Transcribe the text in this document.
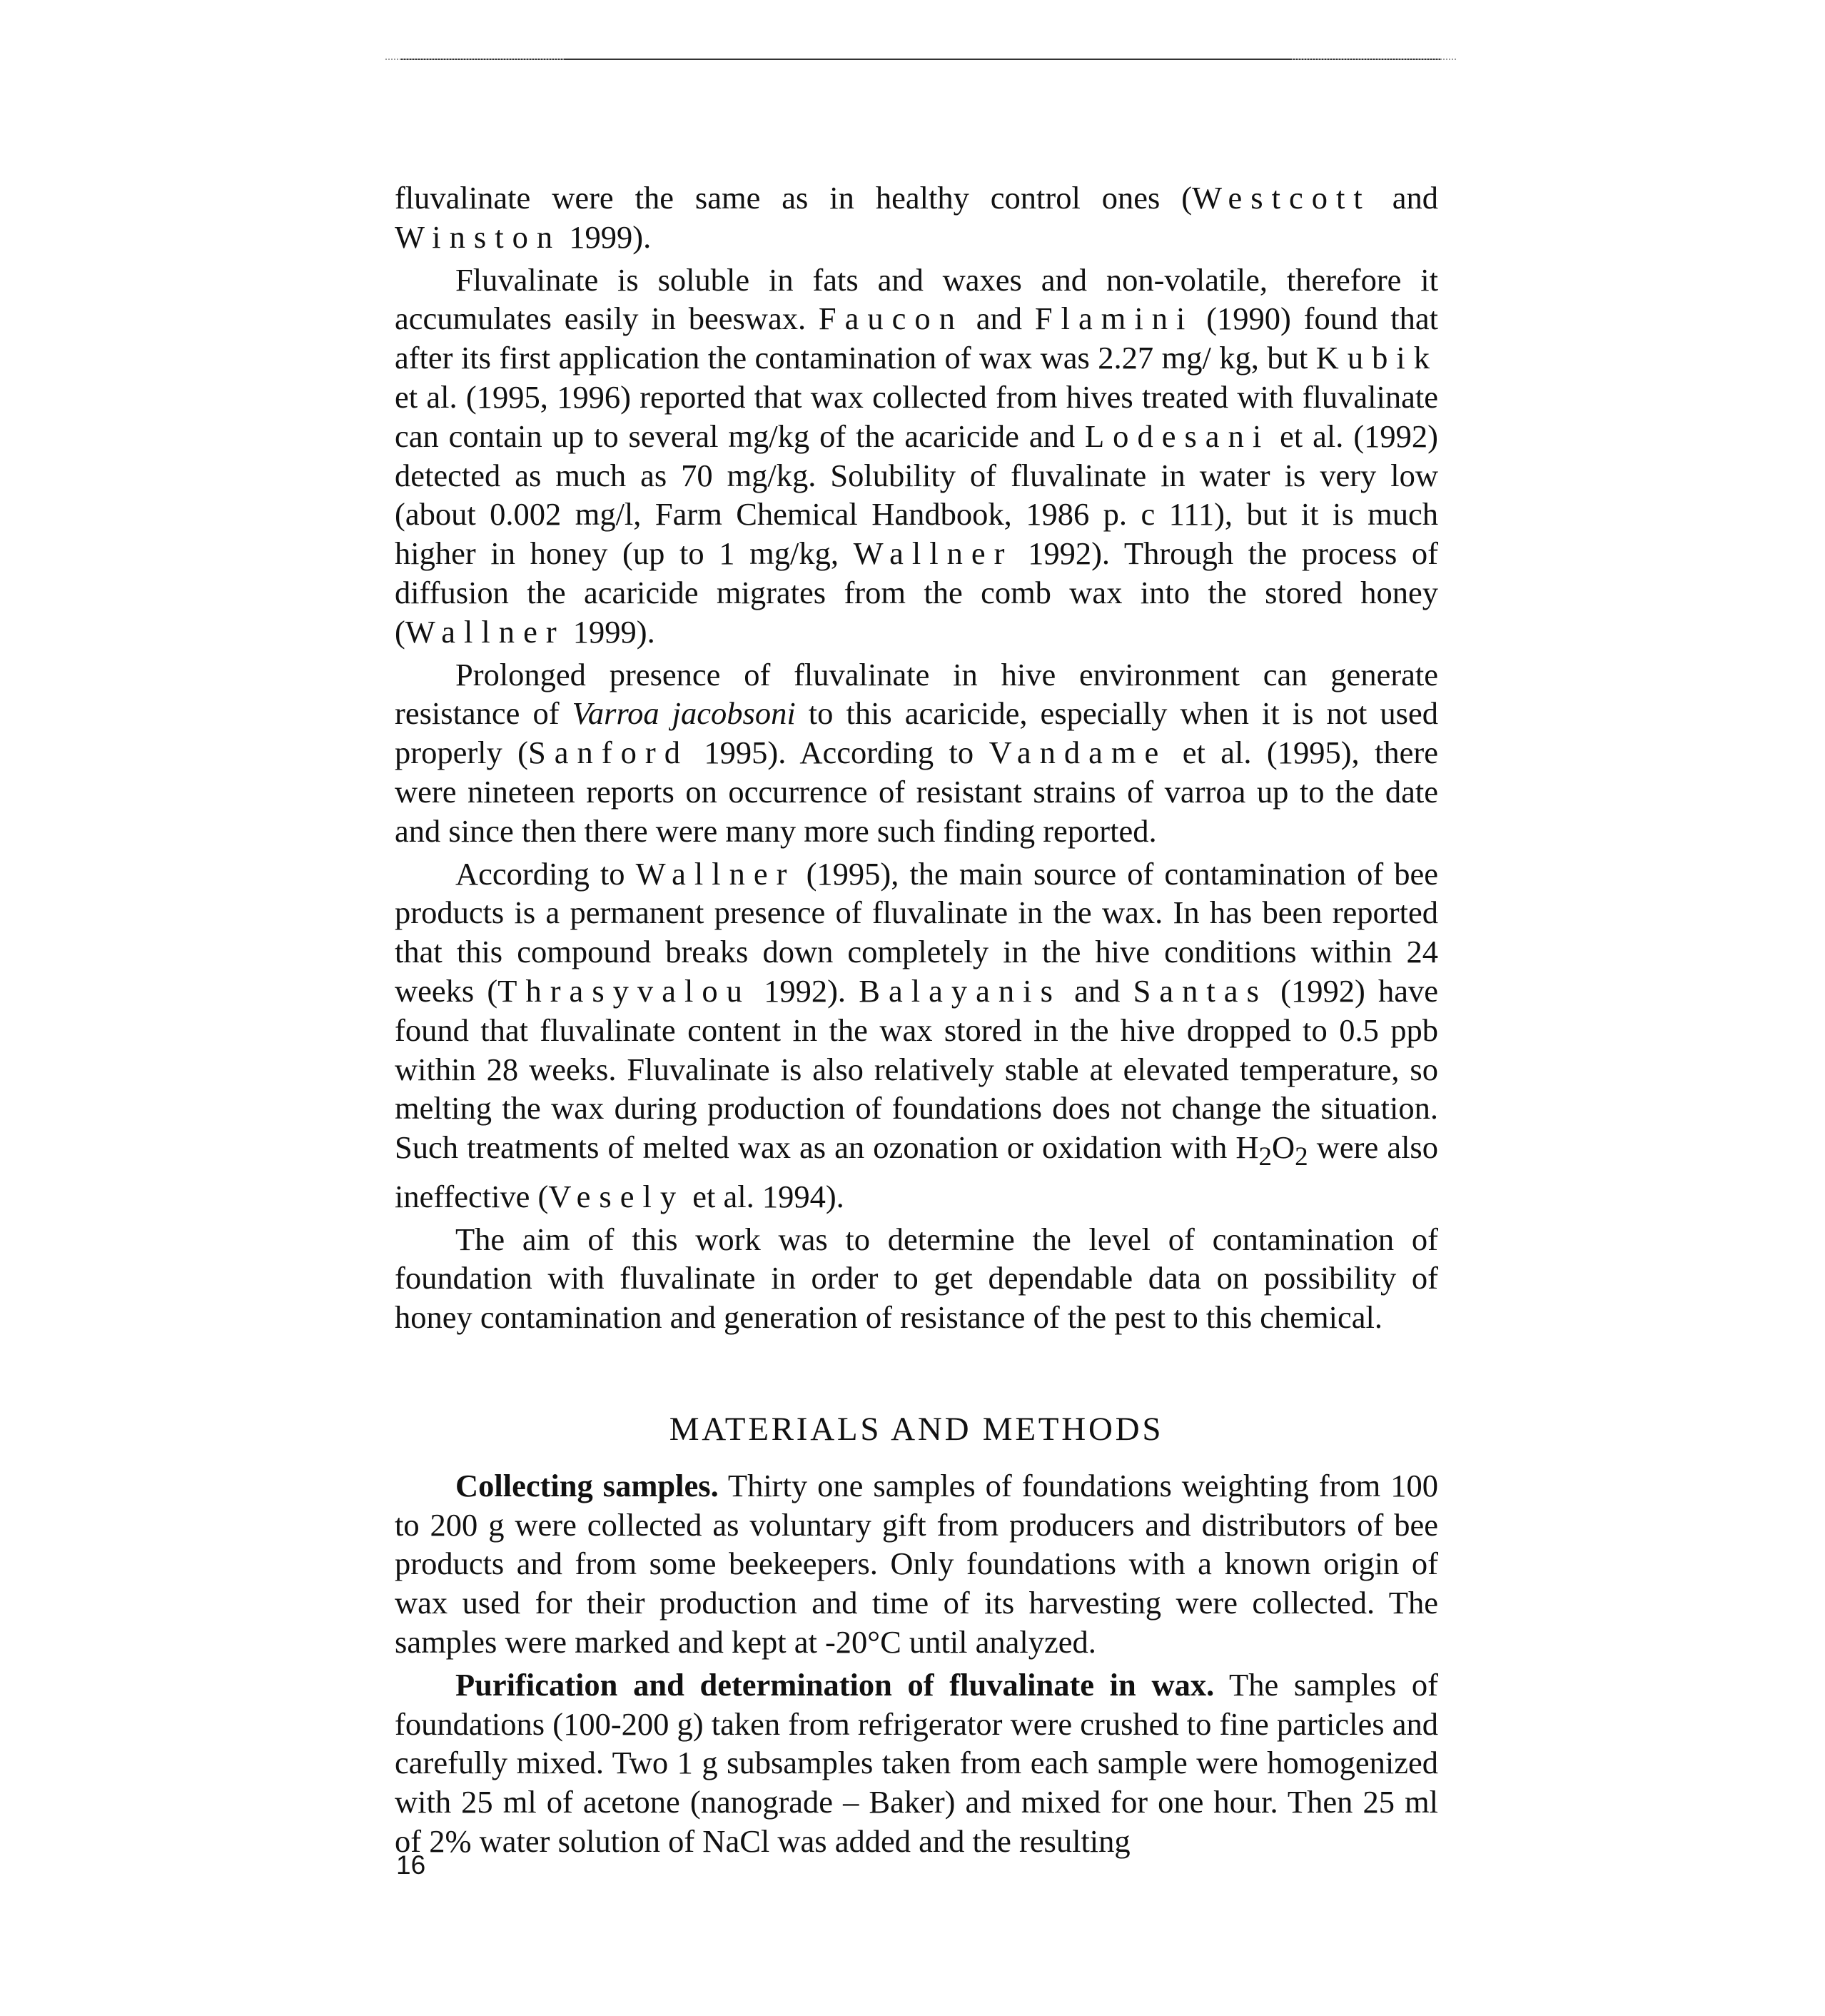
fluvalinate were the same as in healthy control ones (Westcott and Winston 1999).

Fluvalinate is soluble in fats and waxes and non-volatile, therefore it accumulates easily in beeswax. Faucon and Flamini (1990) found that after its first application the contamination of wax was 2.27 mg/ kg, but Kubik et al. (1995, 1996) reported that wax collected from hives treated with fluvalinate can contain up to several mg/kg of the acaricide and Lodesani et al. (1992) detected as much as 70 mg/kg. Solubility of fluvalinate in water is very low (about 0.002 mg/l, Farm Chemical Handbook, 1986 p. c 111), but it is much higher in honey (up to 1 mg/kg, Wallner 1992). Through the process of diffusion the acaricide migrates from the comb wax into the stored honey (Wallner 1999).

Prolonged presence of fluvalinate in hive environment can generate resistance of Varroa jacobsoni to this acaricide, especially when it is not used properly (Sanford 1995). According to Vandame et al. (1995), there were nineteen reports on occurrence of resistant strains of varroa up to the date and since then there were many more such finding reported.

According to Wallner (1995), the main source of contamination of bee products is a permanent presence of fluvalinate in the wax. In has been reported that this compound breaks down completely in the hive conditions within 24 weeks (Thrasyvalou 1992). Balayanis and Santas (1992) have found that fluvalinate content in the wax stored in the hive dropped to 0.5 ppb within 28 weeks. Fluvalinate is also relatively stable at elevated temperature, so melting the wax during production of foundations does not change the situation. Such treatments of melted wax as an ozonation or oxidation with $H_2O_2$ were also ineffective (Vesely et al. 1994).

The aim of this work was to determine the level of contamination of foundation with fluvalinate in order to get dependable data on possibility of honey contamination and generation of resistance of the pest to this chemical.

MATERIALS AND METHODS

Collecting samples. Thirty one samples of foundations weighting from 100 to 200 g were collected as voluntary gift from producers and distributors of bee products and from some beekeepers. Only foundations with a known origin of wax used for their production and time of its harvesting were collected. The samples were marked and kept at -20°C until analyzed.

Purification and determination of fluvalinate in wax. The samples of foundations (100-200 g) taken from refrigerator were crushed to fine particles and carefully mixed. Two 1 g subsamples taken from each sample were homogenized with 25 ml of acetone (nanograde – Baker) and mixed for one hour. Then 25 ml of 2% water solution of NaCl was added and the resulting

16
